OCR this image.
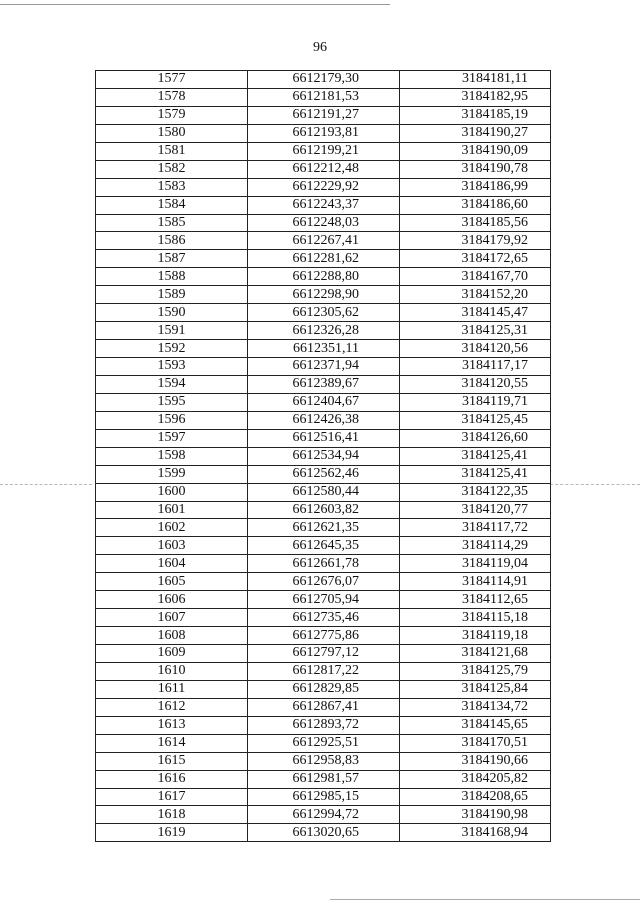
96
1577	6612179,30	3184181,11
1578	6612181,53	3184182,95
1579	6612191,27	3184185,19
1580	6612193,81	3184190,27
1581	6612199,21	3184190,09
1582	6612212,48	3184190,78
1583	6612229,92	3184186,99
1584	6612243,37	3184186,60
1585	6612248,03	3184185,56
1586	6612267,41	3184179,92
1587	6612281,62	3184172,65
1588	6612288,80	3184167,70
1589	6612298,90	3184152,20
1590	6612305,62	3184145,47
1591	6612326,28	3184125,31
1592	6612351,11	3184120,56
1593	6612371,94	3184117,17
1594	6612389,67	3184120,55
1595	6612404,67	3184119,71
1596	6612426,38	3184125,45
1597	6612516,41	3184126,60
1598	6612534,94	3184125,41
1599	6612562,46	3184125,41
1600	6612580,44	3184122,35
1601	6612603,82	3184120,77
1602	6612621,35	3184117,72
1603	6612645,35	3184114,29
1604	6612661,78	3184119,04
1605	6612676,07	3184114,91
1606	6612705,94	3184112,65
1607	6612735,46	3184115,18
1608	6612775,86	3184119,18
1609	6612797,12	3184121,68
1610	6612817,22	3184125,79
1611	6612829,85	3184125,84
1612	6612867,41	3184134,72
1613	6612893,72	3184145,65
1614	6612925,51	3184170,51
1615	6612958,83	3184190,66
1616	6612981,57	3184205,82
1617	6612985,15	3184208,65
1618	6612994,72	3184190,98
1619	6613020,65	3184168,94
